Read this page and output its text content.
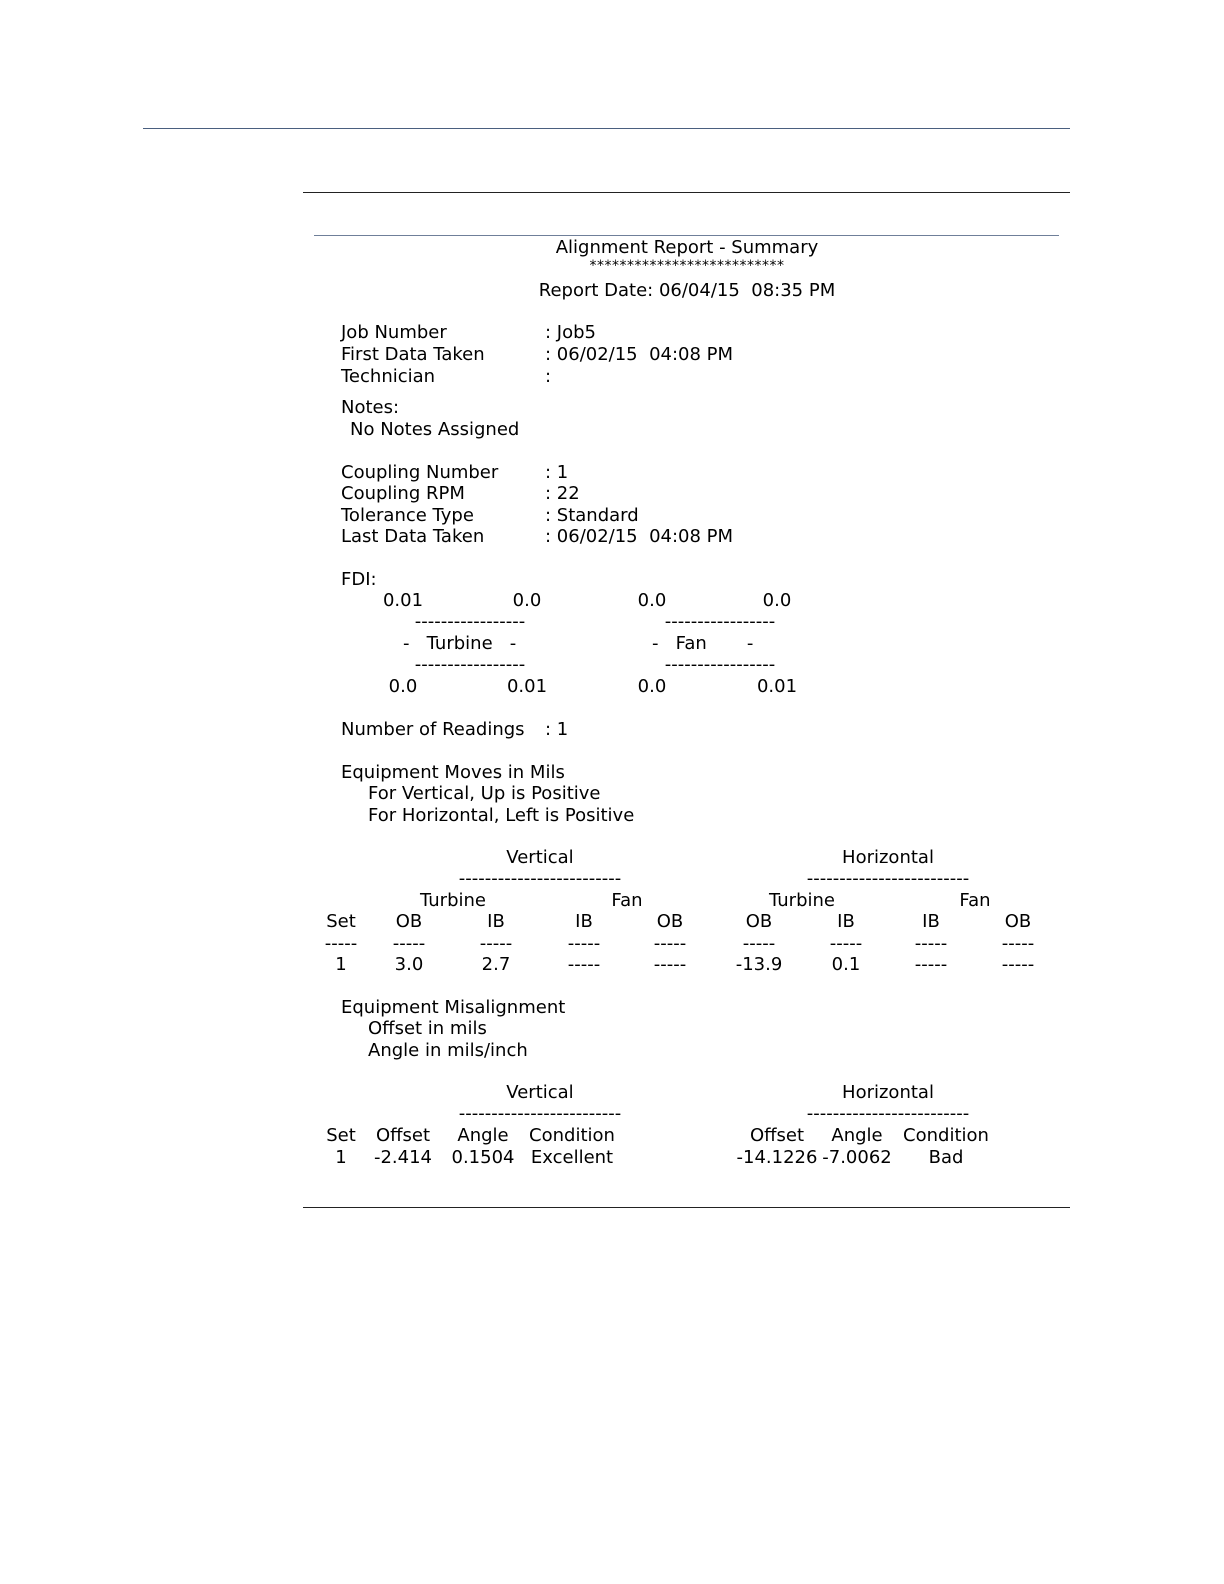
Alignment Report - Summary
**************************
Report Date: 06/04/15  08:35 PM
Job Number	: Job5
First Data Taken	: 06/02/15  04:08 PM
Technician	:
Notes:
No Notes Assigned
Coupling Number	: 1
Coupling RPM	: 22
Tolerance Type	: Standard
Last Data Taken	: 06/02/15  04:08 PM
FDI:
0.01	0.0	0.0	0.0
-----------------	-----------------
-   Turbine   -	-   Fan       -
-----------------	-----------------
0.0	0.01	0.0	0.01
Number of Readings : 1
Equipment Moves in Mils
For Vertical, Up is Positive
For Horizontal, Left is Positive
Vertical	Horizontal
-------------------------	-------------------------
Turbine	Fan	Turbine	Fan
Set OB	IB	IB	OB	OB	IB	IB	OB
----- -----	-----	-----	-----	-----	-----	-----	-----
1	3.0	2.7	-----	-----	-13.9	0.1	-----	-----
Equipment Misalignment
Offset in mils
Angle in mils/inch
Vertical	Horizontal
-------------------------	-------------------------
Set Offset Angle Condition	Offset Angle Condition
1 -2.414 0.1504 Excellent	-14.1226 -7.0062 Bad
